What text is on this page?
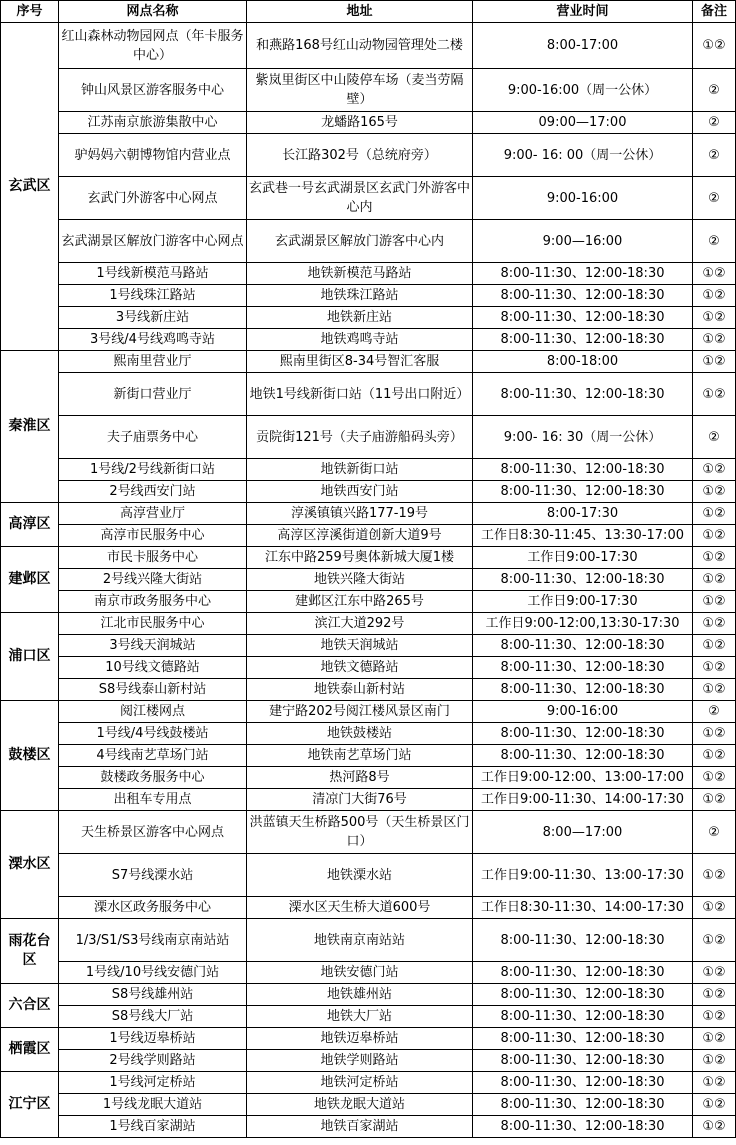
序号	网点名称	地址	营业时间	备注
玄武区	红山森林动物园网点（年卡服务中心）	和燕路168号红山动物园管理处二楼	8:00-17:00	①②
	钟山风景区游客服务中心	紫岚里街区中山陵停车场（麦当劳隔壁）	9:00-16:00（周一公休）	②
	江苏南京旅游集散中心	龙蟠路165号	09:00—17:00	②
	驴妈妈六朝博物馆内营业点	长江路302号（总统府旁）	9:00- 16: 00（周一公休）	②
	玄武门外游客中心网点	玄武巷一号玄武湖景区玄武门外游客中心内	9:00-16:00	②
	玄武湖景区解放门游客中心网点	玄武湖景区解放门游客中心内	9:00—16:00	②
	1号线新模范马路站	地铁新模范马路站	8:00-11:30、12:00-18:30	①②
	1号线珠江路站	地铁珠江路站	8:00-11:30、12:00-18:30	①②
	3号线新庄站	地铁新庄站	8:00-11:30、12:00-18:30	①②
	3号线/4号线鸡鸣寺站	地铁鸡鸣寺站	8:00-11:30、12:00-18:30	①②
秦淮区	熙南里营业厅	熙南里街区8-34号智汇客服	8:00-18:00	①②
	新街口营业厅	地铁1号线新街口站（11号出口附近）	8:00-11:30、12:00-18:30	①②
	夫子庙票务中心	贡院街121号（夫子庙游船码头旁）	9:00- 16: 30（周一公休）	②
	1号线/2号线新街口站	地铁新街口站	8:00-11:30、12:00-18:30	①②
	2号线西安门站	地铁西安门站	8:00-11:30、12:00-18:30	①②
高淳区	高淳营业厅	淳溪镇镇兴路177-19号	8:00-17:30	①②
	高淳市民服务中心	高淳区淳溪街道创新大道9号	工作日8:30-11:45、13:30-17:00	①②
建邺区	市民卡服务中心	江东中路259号奥体新城大厦1楼	工作日9:00-17:30	①②
	2号线兴隆大街站	地铁兴隆大街站	8:00-11:30、12:00-18:30	①②
	南京市政务服务中心	建邺区江东中路265号	工作日9:00-17:30	①②
浦口区	江北市民服务中心	滨江大道292号	工作日9:00-12:00,13:30-17:30	①②
	3号线天润城站	地铁天润城站	8:00-11:30、12:00-18:30	①②
	10号线文德路站	地铁文德路站	8:00-11:30、12:00-18:30	①②
	S8号线泰山新村站	地铁泰山新村站	8:00-11:30、12:00-18:30	①②
鼓楼区	阅江楼网点	建宁路202号阅江楼风景区南门	9:00-16:00	②
	1号线/4号线鼓楼站	地铁鼓楼站	8:00-11:30、12:00-18:30	①②
	4号线南艺草场门站	地铁南艺草场门站	8:00-11:30、12:00-18:30	①②
	鼓楼政务服务中心	热河路8号	工作日9:00-12:00、13:00-17:00	①②
	出租车专用点	清凉门大街76号	工作日9:00-11:30、14:00-17:30	①②
溧水区	天生桥景区游客中心网点	洪蓝镇天生桥路500号（天生桥景区门口）	8:00—17:00	②
	S7号线溧水站	地铁溧水站	工作日9:00-11:30、13:00-17:30	①②
	溧水区政务服务中心	溧水区天生桥大道600号	工作日8:30-11:30、14:00-17:30	①②
雨花台区	1/3/S1/S3号线南京南站站	地铁南京南站站	8:00-11:30、12:00-18:30	①②
	1号线/10号线安德门站	地铁安德门站	8:00-11:30、12:00-18:30	①②
六合区	S8号线雄州站	地铁雄州站	8:00-11:30、12:00-18:30	①②
	S8号线大厂站	地铁大厂站	8:00-11:30、12:00-18:30	①②
栖霞区	1号线迈皋桥站	地铁迈皋桥站	8:00-11:30、12:00-18:30	①②
	2号线学则路站	地铁学则路站	8:00-11:30、12:00-18:30	①②
江宁区	1号线河定桥站	地铁河定桥站	8:00-11:30、12:00-18:30	①②
	1号线龙眠大道站	地铁龙眠大道站	8:00-11:30、12:00-18:30	①②
	1号线百家湖站	地铁百家湖站	8:00-11:30、12:00-18:30	①②
